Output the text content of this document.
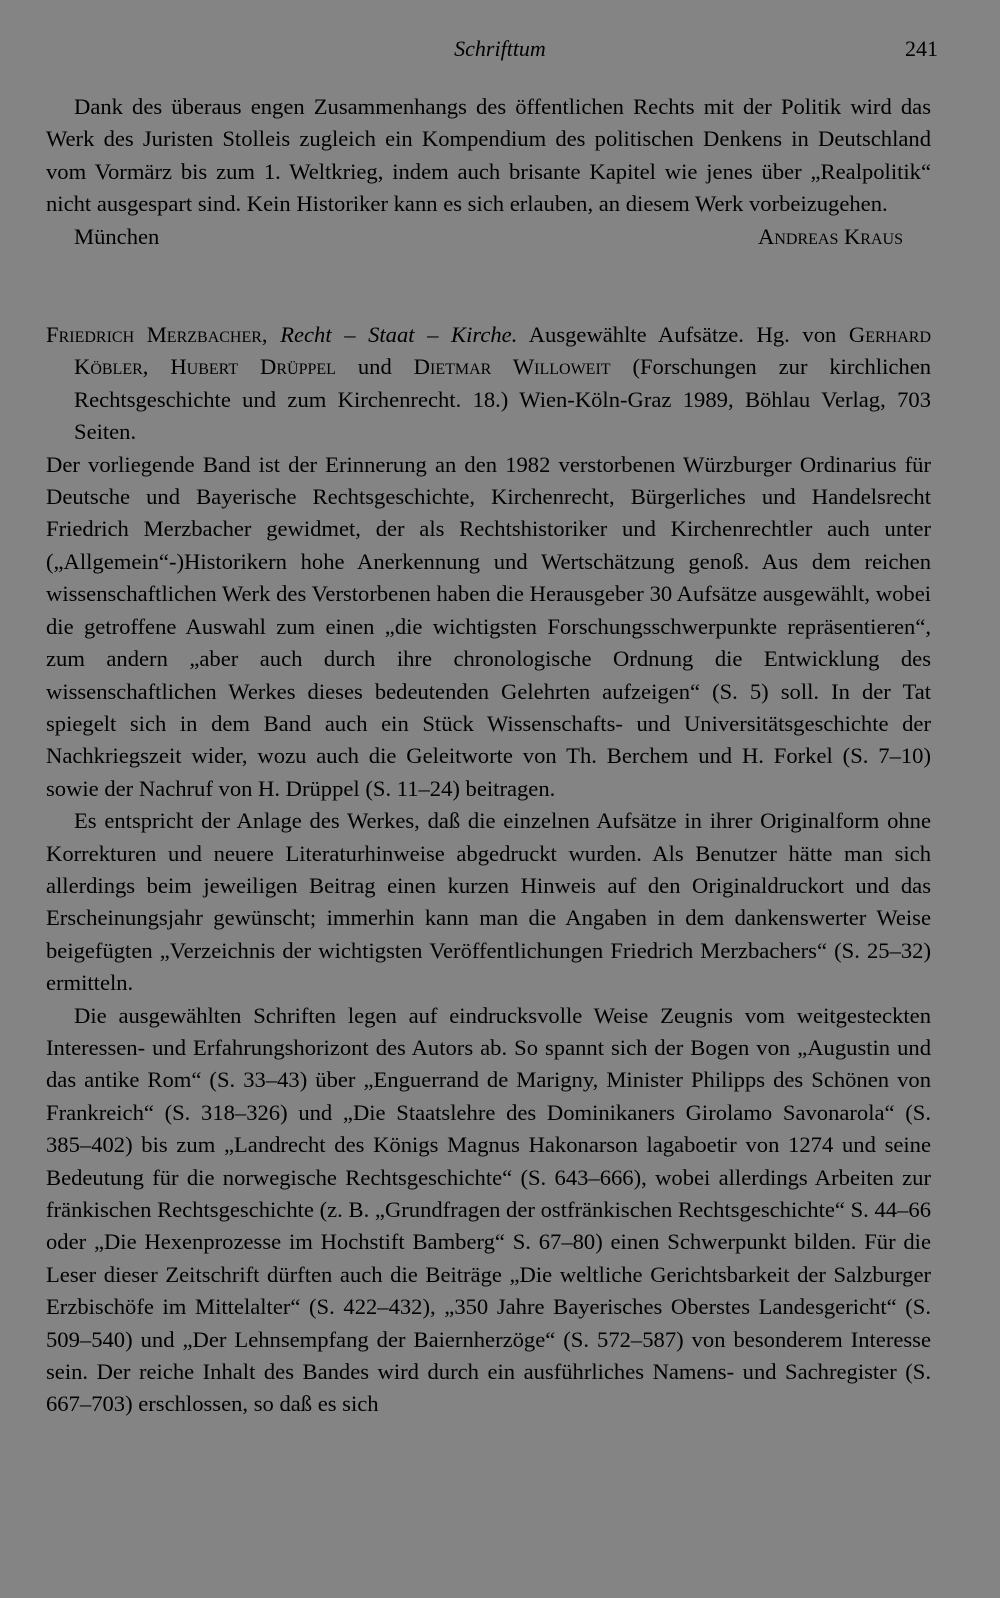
Schrifttum	241

Dank des überaus engen Zusammenhangs des öffentlichen Rechts mit der Politik wird das Werk des Juristen Stolleis zugleich ein Kompendium des politischen Denkens in Deutschland vom Vormärz bis zum 1. Weltkrieg, indem auch brisante Kapitel wie jenes über „Realpolitik“ nicht ausgespart sind. Kein Historiker kann es sich erlauben, an diesem Werk vorbeizugehen.

München	Andreas Kraus

Friedrich Merzbacher, Recht – Staat – Kirche. Ausgewählte Aufsätze. Hg. von Gerhard Köbler, Hubert Drüppel und Dietmar Willoweit (Forschungen zur kirchlichen Rechtsgeschichte und zum Kirchenrecht. 18.) Wien-Köln-Graz 1989, Böhlau Verlag, 703 Seiten.

Der vorliegende Band ist der Erinnerung an den 1982 verstorbenen Würzburger Ordinarius für Deutsche und Bayerische Rechtsgeschichte, Kirchenrecht, Bürgerliches und Handelsrecht Friedrich Merzbacher gewidmet, der als Rechtshistoriker und Kirchenrechtler auch unter („Allgemein“-)Historikern hohe Anerkennung und Wertschätzung genoß. Aus dem reichen wissenschaftlichen Werk des Verstorbenen haben die Herausgeber 30 Aufsätze ausgewählt, wobei die getroffene Auswahl zum einen „die wichtigsten Forschungsschwerpunkte repräsentieren“, zum andern „aber auch durch ihre chronologische Ordnung die Entwicklung des wissenschaftlichen Werkes dieses bedeutenden Gelehrten aufzeigen“ (S. 5) soll. In der Tat spiegelt sich in dem Band auch ein Stück Wissenschafts- und Universitätsgeschichte der Nachkriegszeit wider, wozu auch die Geleitworte von Th. Berchem und H. Forkel (S. 7–10) sowie der Nachruf von H. Drüppel (S. 11–24) beitragen.

Es entspricht der Anlage des Werkes, daß die einzelnen Aufsätze in ihrer Originalform ohne Korrekturen und neuere Literaturhinweise abgedruckt wurden. Als Benutzer hätte man sich allerdings beim jeweiligen Beitrag einen kurzen Hinweis auf den Originaldruckort und das Erscheinungsjahr gewünscht; immerhin kann man die Angaben in dem dankenswerter Weise beigefügten „Verzeichnis der wichtigsten Veröffentlichungen Friedrich Merzbachers“ (S. 25–32) ermitteln.

Die ausgewählten Schriften legen auf eindrucksvolle Weise Zeugnis vom weitgesteckten Interessen- und Erfahrungshorizont des Autors ab. So spannt sich der Bogen von „Augustin und das antike Rom“ (S. 33–43) über „Enguerrand de Marigny, Minister Philipps des Schönen von Frankreich“ (S. 318–326) und „Die Staatslehre des Dominikaners Girolamo Savonarola“ (S. 385–402) bis zum „Landrecht des Königs Magnus Hakonarson lagaboetir von 1274 und seine Bedeutung für die norwegische Rechtsgeschichte“ (S. 643–666), wobei allerdings Arbeiten zur fränkischen Rechtsgeschichte (z. B. „Grundfragen der ostfränkischen Rechtsgeschichte“ S. 44–66 oder „Die Hexenprozesse im Hochstift Bamberg“ S. 67–80) einen Schwerpunkt bilden. Für die Leser dieser Zeitschrift dürften auch die Beiträge „Die weltliche Gerichtsbarkeit der Salzburger Erzbischöfe im Mittelalter“ (S. 422–432), „350 Jahre Bayerisches Oberstes Landesgericht“ (S. 509–540) und „Der Lehnsempfang der Baiernherzöge“ (S. 572–587) von besonderem Interesse sein. Der reiche Inhalt des Bandes wird durch ein ausführliches Namens- und Sachregister (S. 667–703) erschlossen, so daß es sich
